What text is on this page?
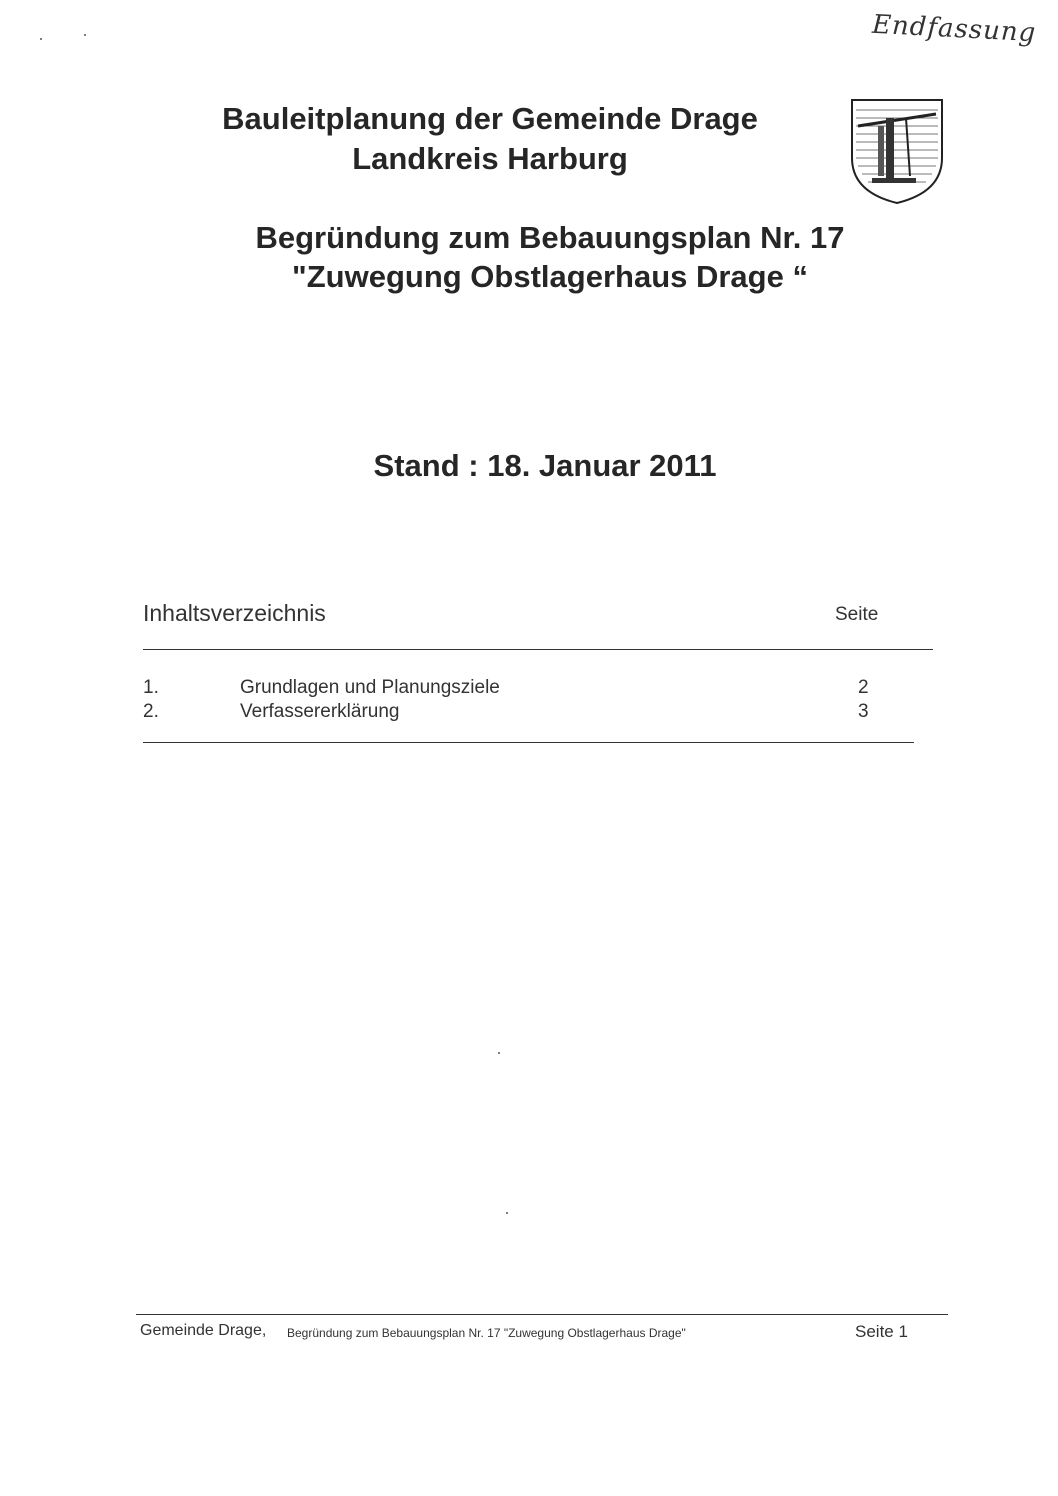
Endfassung
Bauleitplanung der Gemeinde Drage
Landkreis Harburg
Begründung zum Bebauungsplan Nr. 17
"Zuwegung Obstlagerhaus Drage “
Stand : 18. Januar 2011
Inhaltsverzeichnis	Seite
1.	Grundlagen und Planungsziele	2
2.	Verfassererklärung	3
Gemeinde Drage, Begründung zum Bebauungsplan Nr. 17 "Zuwegung Obstlagerhaus Drage"	Seite 1
